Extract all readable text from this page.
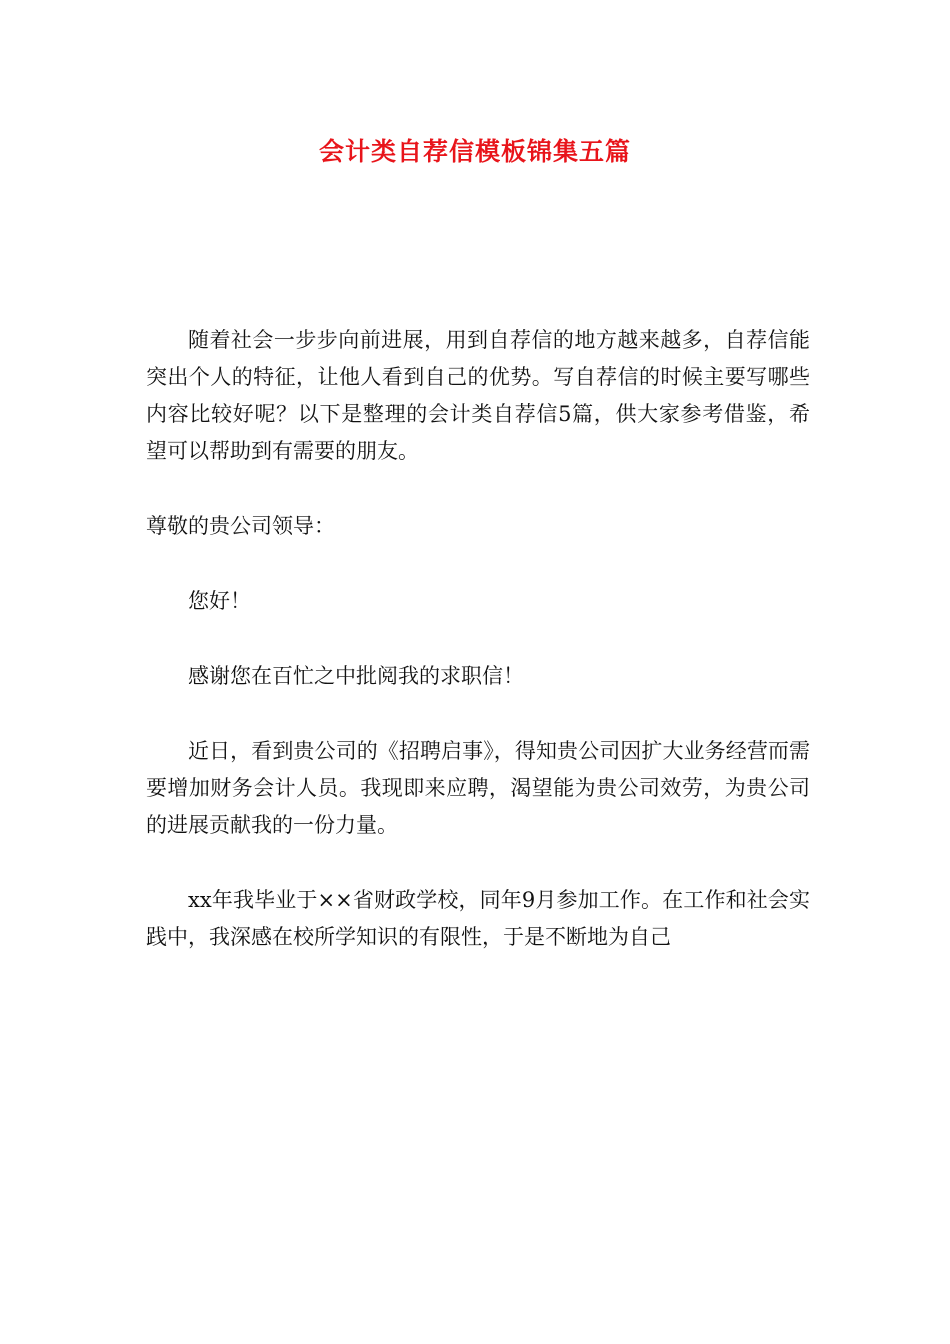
会计类自荐信模板锦集五篇
随着社会一步步向前进展，用到自荐信的地方越来越多，自荐信能突出个人的特征，让他人看到自己的优势。写自荐信的时候主要写哪些内容比较好呢？以下是整理的会计类自荐信5篇，供大家参考借鉴，希望可以帮助到有需要的朋友。
尊敬的贵公司领导：
您好！
感谢您在百忙之中批阅我的求职信！
近日，看到贵公司的《招聘启事》，得知贵公司因扩大业务经营而需要增加财务会计人员。我现即来应聘，渴望能为贵公司效劳，为贵公司的进展贡献我的一份力量。
xx年我毕业于××省财政学校，同年9月参加工作。在工作和社会实践中，我深感在校所学知识的有限性，于是不断地为自己
